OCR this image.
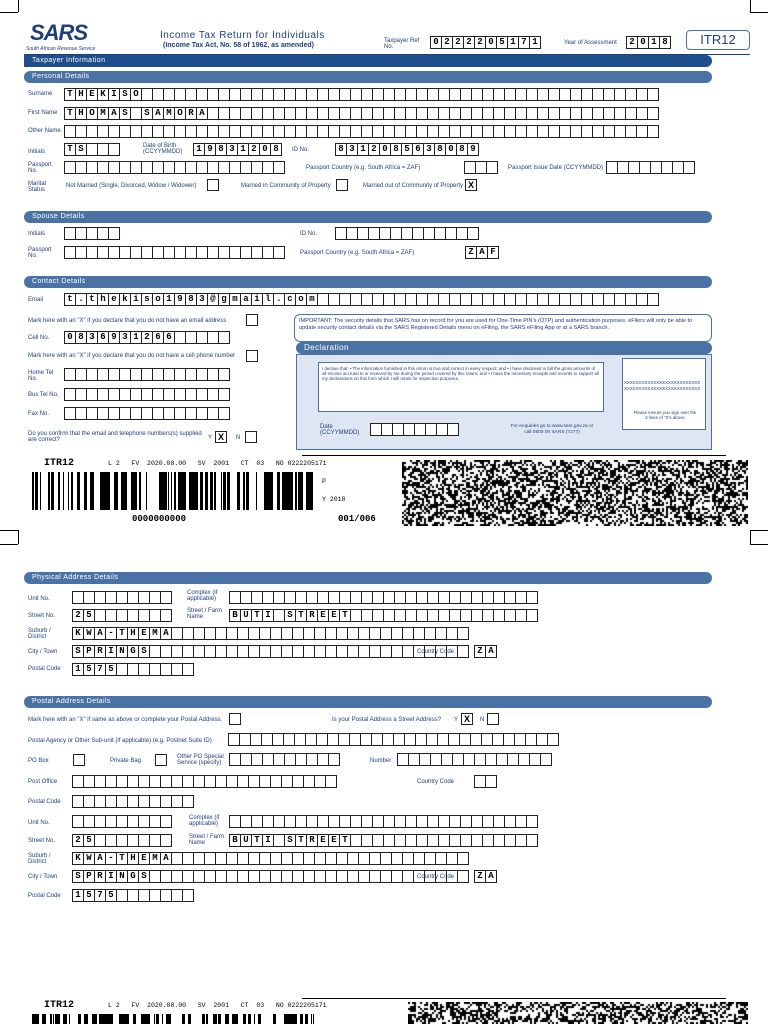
SARS
South African Revenue Service
Income Tax Return for Individuals
(Income Tax Act, No. 58 of 1962, as amended)
Taxpayer Ref No.	0 2 2 2 2 0 5 1 7 1	Year of Assessment	2 0 1 8	ITR12
Taxpayer Information
Personal Details
Surname	T H E K I S O
First Name	T H O M A S	S A M O R A
Other Name
Initials	T S	Date of Birth (CCYYMMDD)	1 9 8 3 1 2 0 8	ID No.	8 3 1 2 0 8 5 6 3 8 0 8 9
Passport No.	Passport Country (e.g. South Africa = ZAF)	Passport Issue Date (CCYYMMDD)
Marital Status
Not Married (Single, Divorced, Widow / Widower)	Married in Community of Property	Married out of Community of Property X
Spouse Details
Initials	ID No.
Passport No.	Passport Country (e.g. South Africa = ZAF)	Z A F
Contact Details
Email	t . t h e k i s o 1 9 8 3 @ g m a i l . c o m
Mark here with an "X" if you declare that you do not have an email address
Cell No.	0 8 3 6 9 3 1 2 6 6
Mark here with an "X" if you declare that you do not have a cell phone number
Home Tel No.
Bus Tel No.
Fax No.
Do you confirm that the email and telephone numbers(s) supplied are correct?	Y X	N
IMPORTANT: The security details that SARS has on record for you are used for One-Time PIN's (OTP) and authentication purposes. eFilers will only be able to update security contact details via the SARS Registered Details menu on eFiling, the SARS eFiling App or at a SARS branch.
Declaration
I declare that: • The information furnished in this return is true and correct in every respect; and • I have disclosed in full the gross amounts of all income accrued to or received by me during the period covered by this return; and • I have the necessary receipts and records to support all my declarations on this form which I will retain for inspection purposes.
XXXXXXXXXXXXXXXXXXXXXXXXXX
XXXXXXXXXXXXXXXXXXXXXXXXXX
Please ensure you sign over the 2 lines of "X's above
Date (CCYYMMDD)
For enquiries go to www.sars.gov.za or call 0800 00 SARS (7277)
ITR12	L 2 FV 2020.08.00 SV 2001 CT 03 NO 0222205171
P
Y 2018
0000000000	001/006
Physical Address Details
Unit No.
Complex (if applicable)
Street No.	2 5	Street / Farm Name	B U T I	S T R E E T
Suburb / District	K W A - T H E M A
City / Town	S P R I N G S	Country Code	Z A
Postal Code	1 5 7 5
Postal Address Details
Mark here with an "X" if same as above or complete your Postal Address.	Is your Postal Address a Street Address? Y X	N
Postal Agency or Other Sub-unit (if applicable) (e.g. Postnet Suite ID)
PO Box	Private Bag
Other PO Special Service (specify)	Number
Post Office	Country Code
Postal Code
Unit No.
Complex (if applicable)
Street No.	2 5	Street / Farm Name	B U T I	S T R E E T
Suburb / District	K W A - T H E M A
City / Town	S P R I N G S	Country Code	Z A
Postal Code	1 5 7 5
ITR12	L 2 FV 2020.08.00 SV 2001 CT 03 NO 0222205171
